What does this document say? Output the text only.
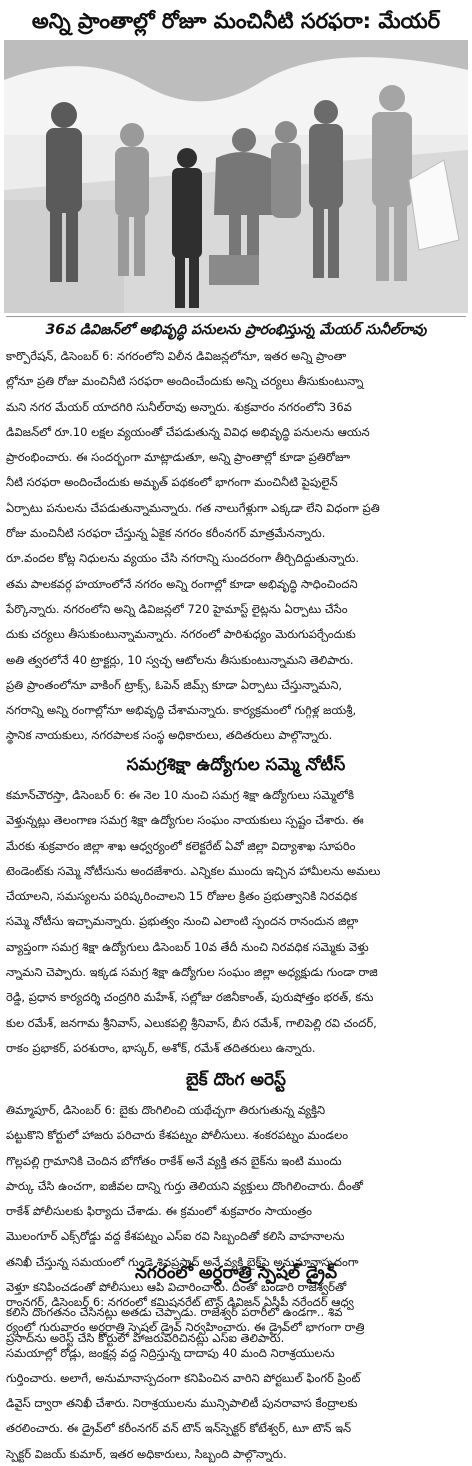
అన్ని ప్రాంతాల్లో రోజూ మంచినీటి సరఫరా: మేయర్
36వ డివిజన్‌లో అభివృద్ధి పనులను ప్రారంభిస్తున్న మేయర్ సునీల్‌రావు
కార్పొరేషన్, డిసెంబర్ 6: నగరంలోని విలీన డివిజన్లలోనూ, ఇతర అన్ని ప్రాంతా
ల్లోనూ ప్రతి రోజు మంచినీటి సరఫరా అందించేందుకు అన్ని చర్యలు తీసుకుంటున్నా
మని నగర మేయర్ యాదగిరి సునీల్‌రావు అన్నారు. శుక్రవారం నగరంలోని 36వ
డివిజన్‌లో రూ.10 లక్షల వ్యయంతో చేపడుతున్న వివిధ అభివృద్ధి పనులను ఆయన
ప్రారంభించారు. ఈ సందర్భంగా మాట్లాడుతూ, అన్ని ప్రాంతాల్లో కూడా ప్రతిరోజూ
నీటి సరఫరా అందించేందుకు అమృత్ పథకంలో భాగంగా మంచినీటి పైపులైన్
ఏర్పాటు పనులను చేపడుతున్నామన్నారు. గత నాలుగేళ్లుగా ఎక్కడా లేని విధంగా ప్రతి
రోజు మంచినీటి సరఫరా చేస్తున్న ఏకైక నగరం కరీంనగర్ మాత్రమేనన్నారు.
రూ.వందల కోట్ల నిధులను వ్యయం చేసి నగరాన్ని సుందరంగా తీర్చిదిద్దుతున్నారు.
తమ పాలకవర్గ హయాంలోనే నగరం అన్ని రంగాల్లో కూడా అభివృద్ధి సాధించిందని
పేర్కొన్నారు. నగరంలోని అన్ని డివిజన్లలో 720 హైమాస్ట్ లైట్లను ఏర్పాటు చేసేం
దుకు చర్యలు తీసుకుంటున్నామన్నారు. నగరంలో పారిశుధ్యం మెరుగుపర్చేందుకు
అతి త్వరలోనే 40 ట్రాక్టర్లు, 10 స్వచ్ఛ ఆటోలను తీసుకుంటున్నామని తెలిపారు.
ప్రతి ప్రాంతంలోనూ వాకింగ్ ట్రాక్స్, ఓపెన్ జిమ్స్ కూడా ఏర్పాటు చేస్తున్నామని,
నగరాన్ని అన్ని రంగాల్లోనూ అభివృద్ధి చేశామన్నారు. కార్యక్రమంలో గుగ్గిళ్ల జయశ్రీ,
స్థానిక నాయకులు, నగరపాలక సంస్థ అధికారులు, తదితరులు పాల్గొన్నారు.
సమగ్రశిక్షా ఉద్యోగుల సమ్మె నోటీస్
కమాన్‌చౌరస్తా, డిసెంబర్ 6: ఈ నెల 10 నుంచి సమగ్ర శిక్షా ఉద్యోగులు సమ్మెలోకి
వెళ్తున్నట్లు తెలంగాణ సమగ్ర శిక్షా ఉద్యోగుల సంఘం నాయకులు స్పష్టం చేశారు. ఈ
మేరకు శుక్రవారం జిల్లా శాఖ ఆధ్వర్యంలో కలెక్టరేట్ ఏవో జిల్లా విద్యాశాఖ సూపరిం
టెండెంట్‌కు సమ్మె నోటీసును అందజేశారు. ఎన్నికల ముందు ఇచ్చిన హామీలను అమలు
చేయాలని, సమస్యలను పరిష్కరించాలని 15 రోజుల క్రితం ప్రభుత్వానికి నిరవధిక
సమ్మె నోటీసు ఇచ్చామన్నారు. ప్రభుత్వం నుంచి ఎలాంటి స్పందన రానందున జిల్లా
వ్యాప్తంగా సమగ్ర శిక్షా ఉద్యోగులు డిసెంబర్ 10వ తేదీ నుంచి నిరవధిక సమ్మెకు వెళ్తు
న్నామని చెప్పారు. ఇక్కడ సమగ్ర శిక్షా ఉద్యోగుల సంఘం జిల్లా అధ్యక్షుడు గుండా రాజి
రెడ్డి, ప్రధాన కార్యదర్శి చంద్రగిరి మహేశ్, సల్లోజు రజినీకాంత్, పురుషోత్తం భరత్, కను
కుల రమేశ్, జనగామ శ్రీనివాస్, ఎలుకపల్లి శ్రీనివాస్, బీస రమేశ్, గాలిపెల్లి రవి చందర్,
రాకం ప్రభాకర్, పరశురాం, భాస్కర్, అశోక్, రమేశ్ తదితరులు ఉన్నారు.
బైక్ దొంగ అరెస్ట్
తిమ్మాపూర్, డిసెంబర్ 6: బైకు దొంగిలించి యథేచ్ఛగా తిరుగుతున్న వ్యక్తిని
పట్టుకొని కోర్టులో హాజరు పరిచారు కేశపట్నం పోలీసులు. శంకరపట్నం మండలం
గొల్లపల్లి గ్రామానికి చెందిన బోగోతం రాకేశ్ అనే వ్యక్తి తన బైక్‌ను ఇంటి ముందు
పార్కు చేసి ఉంచగా, ఐజీవల దాన్ని గుర్తు తెలియని వ్యక్తులు దొంగిలించారు. దీంతో
రాకేశ్ పోలీసులకు ఫిర్యాదు చేశాడు. ఈ క్రమంలో శుక్రవారం సాయంత్రం
మొలంగూర్ ఎక్స్‌రోడ్డు వద్ద కేశపట్నం ఎస్ఐ రవి సిబ్బందితో కలిసి వాహనాలను
తనిఖీ చేస్తున్న సమయంలో గుండె శివప్రసాద్ అనే వ్యక్తి బైక్‌పై అనుమానాస్పదంగా
వెళ్తూ కనిపించడంతో పోలీసులు ఆపి విచారించారు. దీంతో బండారి రాజేశ్వర్‌తో
కలిసి దొంగతనం చేసినట్లు అతడు చెప్పాడు. రాజేశ్వర్ పరారీలో ఉండగా.. శివ
ప్రసాద్‌ను అరెస్ట్ చేసి కోర్టులో హాజరుపరిచినట్లు ఎస్ఐ తెలిపారు.
నగరంలో అర్ధరాత్రి స్పెషల్ డ్రైవ్
రాంనగర్, డిసెంబర్ 6: నగరంలో కమిషనరేట్ టౌన్ డివిజన్ ఏసీపీ నరేందర్ ఆధ్వ
ర్యంలో గురువారం అర్ధరాత్రి స్పెషల్ డ్రైవ్ నిర్వహించారు. ఈ డ్రైవ్‌లో భాగంగా రాత్రి
సమయాల్లో రోడ్లు, జంక్షన్ల వద్ద నిద్రిస్తున్న దాదాపు 40 మంది నిరాశ్రయులను
గుర్తించారు. అలాగే, అనుమానాస్పదంగా కనిపించిన వారిని పోర్టబుల్ ఫింగర్ ప్రింట్
డివైస్ ద్వారా తనిఖీ చేశారు. నిరాశ్రయులను మున్సిపాలిటీ పునరావాస కేంద్రాలకు
తరలించారు. ఈ డ్రైవ్‌లో కరీంనగర్ వన్ టౌన్ ఇన్‌స్పెక్టర్ కోటేశ్వర్, టూ టౌన్ ఇన్
స్పెక్టర్ విజయ్ కుమార్, ఇతర అధికారులు, సిబ్బంది పాల్గొన్నారు.
